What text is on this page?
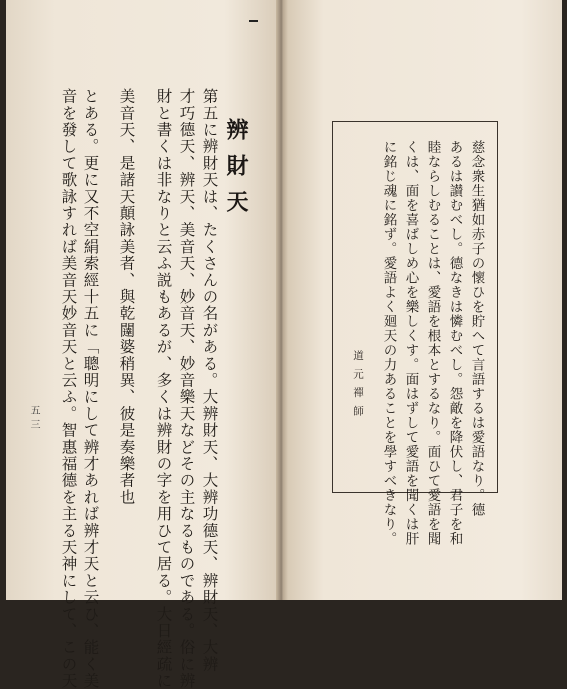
辨財天
第五に辨財天は、たくさんの名がある。大辨財天、大辨功德天、辨財天、大辨
才巧德天、辨天、美音天、妙音天、妙音樂天などその主なるものである。俗に辨
財と書くは非なりと云ふ説もあるが、多くは辨財の字を用ひて居る。大日經疏に
美音天、是諸天顛詠美者、與乾闥婆稍異、彼是奏樂者也
とある。更に又不空絹索經十五に「聰明にして辨才あれば辨才天と云ひ、能く美
音を發して歌詠すれば美音天妙音天と云ふ。智惠福德を主る天神にして、この天
五三	慈念衆生猶如赤子の懷ひを貯へて言語するは愛語なり。德
あるは讃むべし。德なきは憐むべし。怨敵を降伏し、君子を和
睦ならしむることは、愛語を根本とするなり。面ひて愛語を聞
くは、面を喜ばしめ心を樂しくす。面はずして愛語を聞くは肝
に銘じ魂に銘ず。愛語よく廻天の力あることを學すべきなり。
道元禪師
